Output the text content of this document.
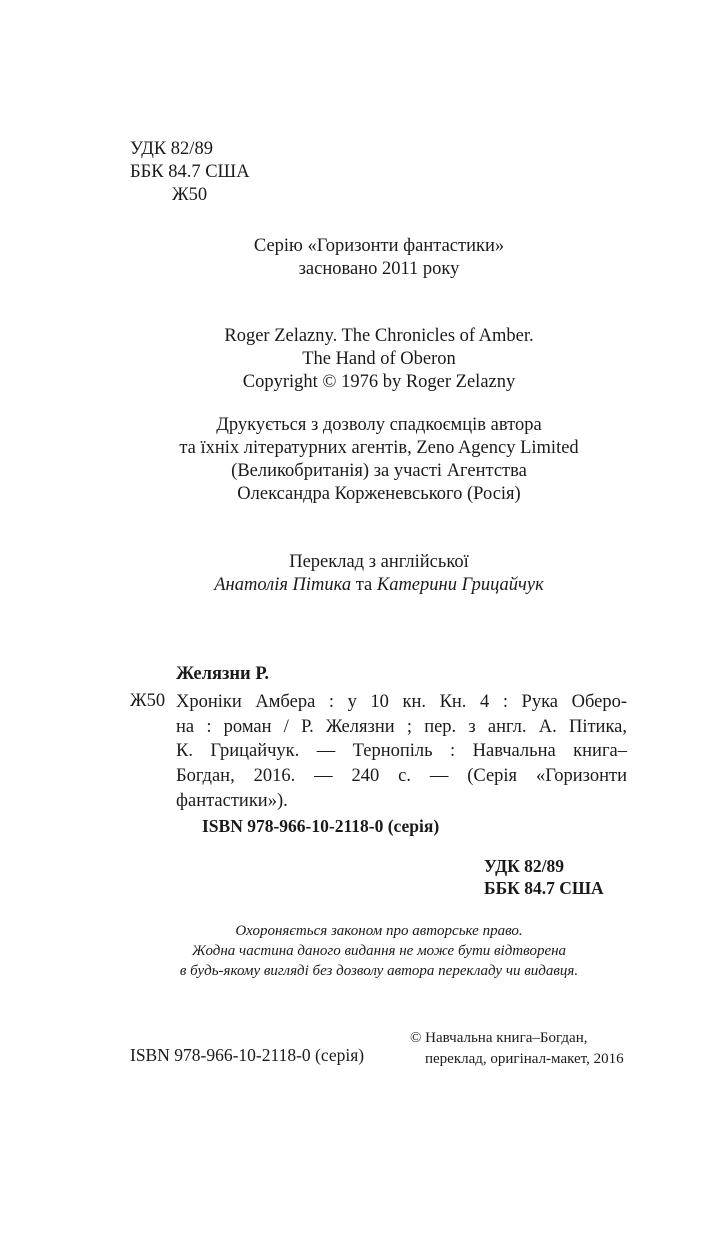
УДК 82/89
ББК 84.7 США
Ж50
Серію «Горизонти фантастики»
засновано 2011 року
Roger Zelazny. The Chronicles of Amber.
The Hand of Oberon
Copyright © 1976 by Roger Zelazny
Друкується з дозволу спадкоємців автора
та їхніх літературних агентів, Zeno Agency Limited
(Великобританія) за участі Агентства
Олександра Корженевського (Росія)
Переклад з англійської
Анатолія Пітика та Катерини Грицайчук
Желязни Р.
Ж50 Хроніки Амбера : у 10 кн. Кн. 4 : Рука Оберо-
на : роман / Р. Желязни ; пер. з англ. А. Пітика,
К. Грицайчук. — Тернопіль : Навчальна книга–
Богдан, 2016. — 240 с. — (Серія «Горизонти
фантастики»).
ISBN 978-966-10-2118-0 (серія)
УДК 82/89
ББК 84.7 США
Охороняється законом про авторське право.
Жодна частина даного видання не може бути відтворена
в будь-якому вигляді без дозволу автора перекладу чи видавця.
ISBN 978-966-10-2118-0 (серія)
© Навчальна книга–Богдан,
переклад, оригінал-макет, 2016
